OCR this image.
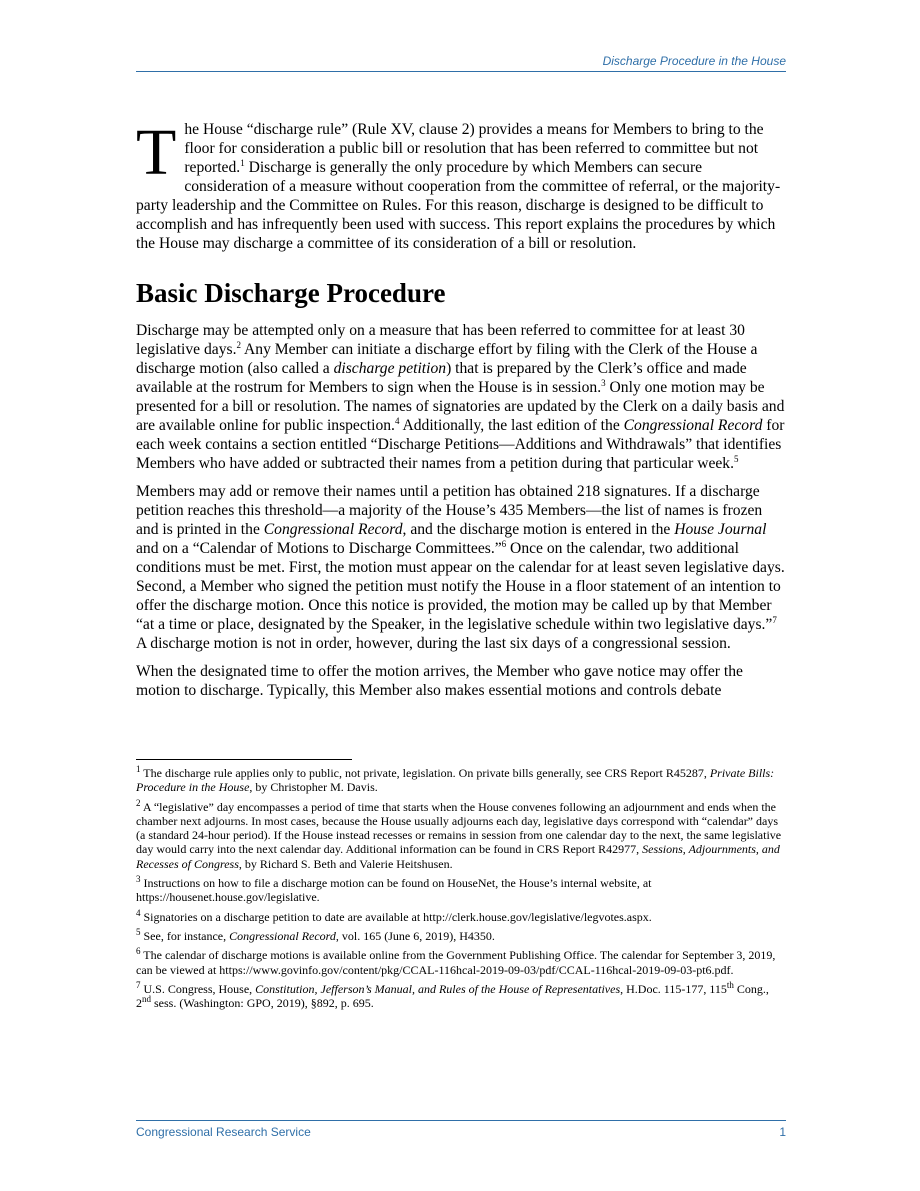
Discharge Procedure in the House

The House “discharge rule” (Rule XV, clause 2) provides a means for Members to bring to the floor for consideration a public bill or resolution that has been referred to committee but not reported.$^1$ Discharge is generally the only procedure by which Members can secure consideration of a measure without cooperation from the committee of referral, or the majority-party leadership and the Committee on Rules. For this reason, discharge is designed to be difficult to accomplish and has infrequently been used with success. This report explains the procedures by which the House may discharge a committee of its consideration of a bill or resolution.

Basic Discharge Procedure

Discharge may be attempted only on a measure that has been referred to committee for at least 30 legislative days.$^2$ Any Member can initiate a discharge effort by filing with the Clerk of the House a discharge motion (also called a discharge petition) that is prepared by the Clerk’s office and made available at the rostrum for Members to sign when the House is in session.$^3$ Only one motion may be presented for a bill or resolution. The names of signatories are updated by the Clerk on a daily basis and are available online for public inspection.$^4$ Additionally, the last edition of the Congressional Record for each week contains a section entitled “Discharge Petitions—Additions and Withdrawals” that identifies Members who have added or subtracted their names from a petition during that particular week.$^5$

Members may add or remove their names until a petition has obtained 218 signatures. If a discharge petition reaches this threshold—a majority of the House’s 435 Members—the list of names is frozen and is printed in the Congressional Record, and the discharge motion is entered in the House Journal and on a “Calendar of Motions to Discharge Committees.”$^6$ Once on the calendar, two additional conditions must be met. First, the motion must appear on the calendar for at least seven legislative days. Second, a Member who signed the petition must notify the House in a floor statement of an intention to offer the discharge motion. Once this notice is provided, the motion may be called up by that Member “at a time or place, designated by the Speaker, in the legislative schedule within two legislative days.”$^7$ A discharge motion is not in order, however, during the last six days of a congressional session.

When the designated time to offer the motion arrives, the Member who gave notice may offer the motion to discharge. Typically, this Member also makes essential motions and controls debate

$^1$ The discharge rule applies only to public, not private, legislation. On private bills generally, see CRS Report R45287, Private Bills: Procedure in the House, by Christopher M. Davis.

$^2$ A “legislative” day encompasses a period of time that starts when the House convenes following an adjournment and ends when the chamber next adjourns. In most cases, because the House usually adjourns each day, legislative days correspond with “calendar” days (a standard 24-hour period). If the House instead recesses or remains in session from one calendar day to the next, the same legislative day would carry into the next calendar day. Additional information can be found in CRS Report R42977, Sessions, Adjournments, and Recesses of Congress, by Richard S. Beth and Valerie Heitshusen.

$^3$ Instructions on how to file a discharge motion can be found on HouseNet, the House’s internal website, at https://housenet.house.gov/legislative.

$^4$ Signatories on a discharge petition to date are available at http://clerk.house.gov/legislative/legvotes.aspx.

$^5$ See, for instance, Congressional Record, vol. 165 (June 6, 2019), H4350.

$^6$ The calendar of discharge motions is available online from the Government Publishing Office. The calendar for September 3, 2019, can be viewed at https://www.govinfo.gov/content/pkg/CCAL-116hcal-2019-09-03/pdf/CCAL-116hcal-2019-09-03-pt6.pdf.

$^7$ U.S. Congress, House, Constitution, Jefferson’s Manual, and Rules of the House of Representatives, H.Doc. 115-177, 115th Cong., 2nd sess. (Washington: GPO, 2019), §892, p. 695.

Congressional Research Service	1
